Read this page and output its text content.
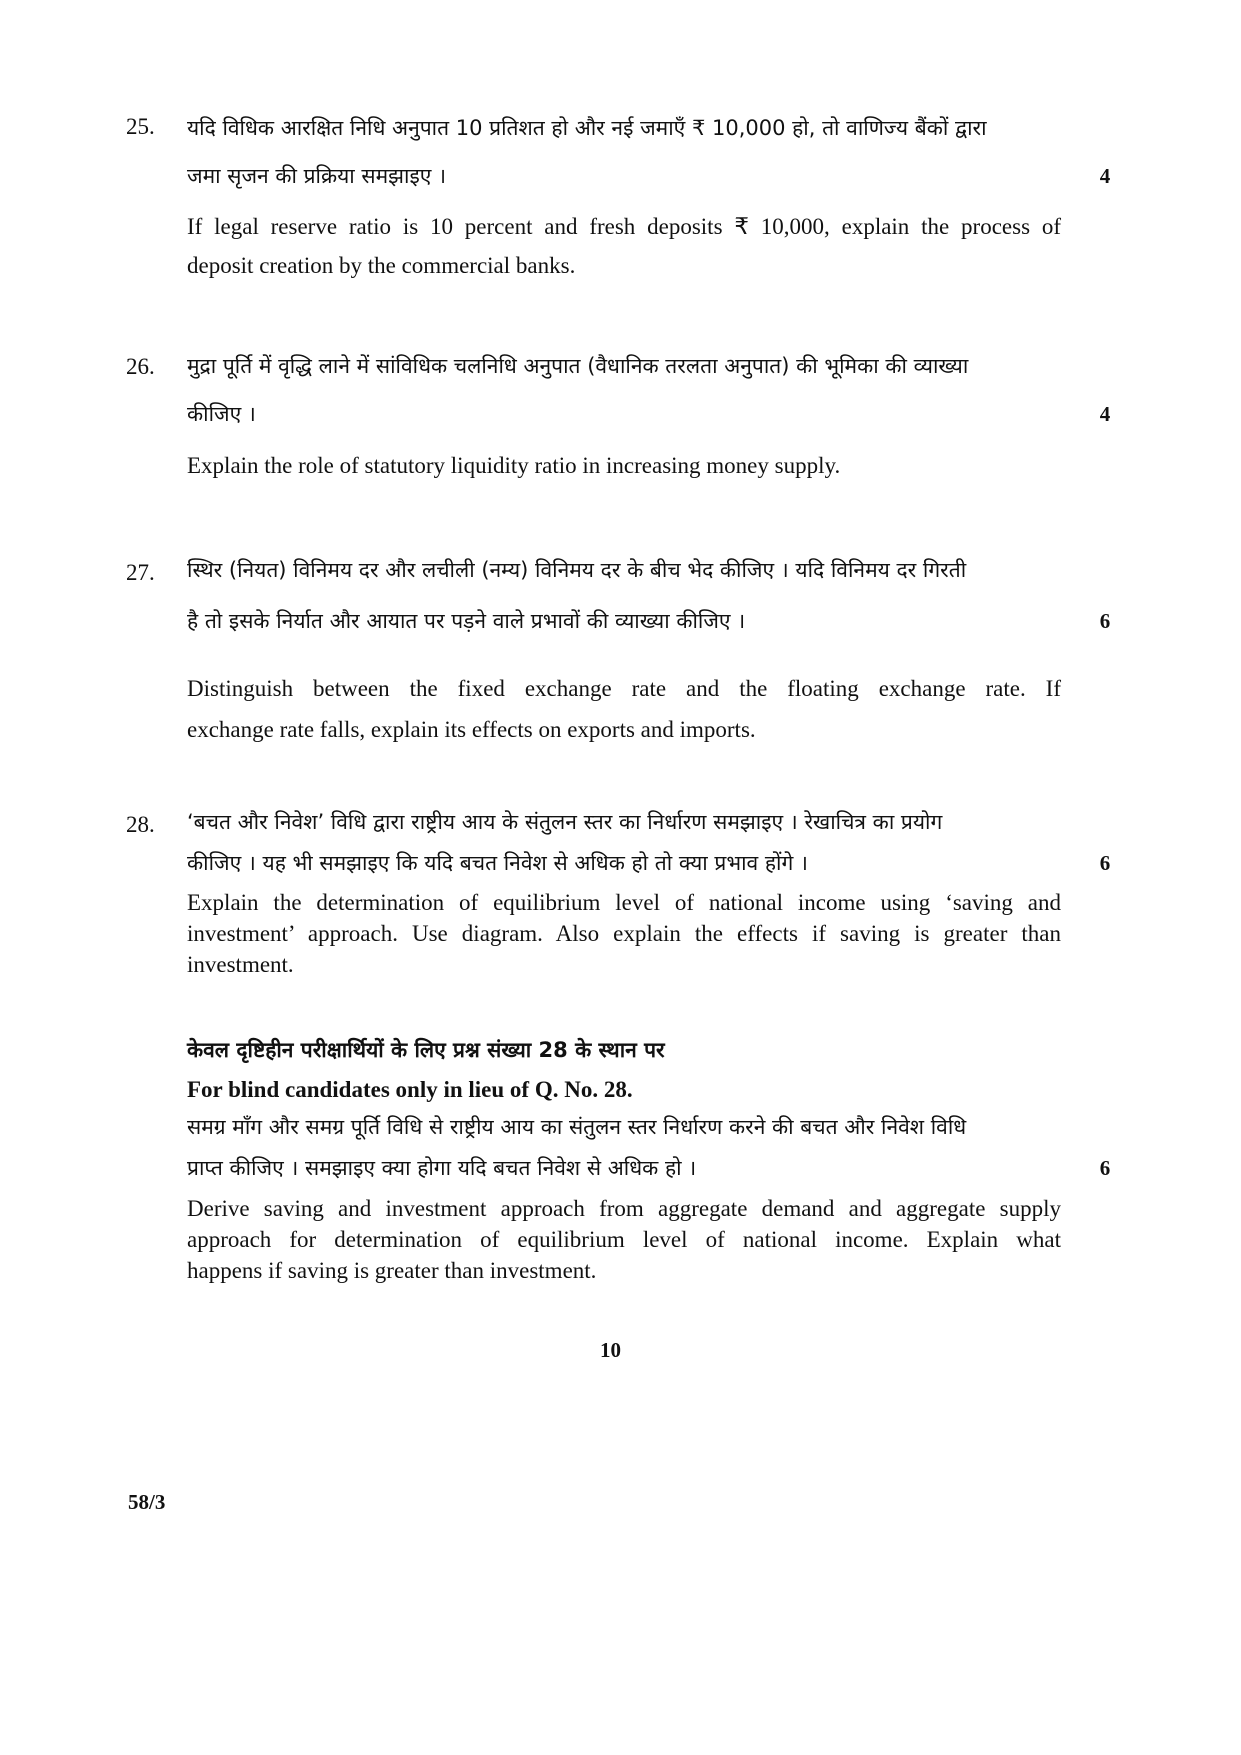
25. यदि विधिक आरक्षित निधि अनुपात 10 प्रतिशत हो और नई जमाएँ ₹ 10,000 हो, तो वाणिज्य बैंकों द्वारा
जमा सृजन की प्रक्रिया समझाइए ।	4
If legal reserve ratio is 10 percent and fresh deposits ₹ 10,000, explain the process of
deposit creation by the commercial banks.
26. मुद्रा पूर्ति में वृद्धि लाने में सांविधिक चलनिधि अनुपात (वैधानिक तरलता अनुपात) की भूमिका की व्याख्या
कीजिए ।	4
Explain the role of statutory liquidity ratio in increasing money supply.
27. स्थिर (नियत) विनिमय दर और लचीली (नम्य) विनिमय दर के बीच भेद कीजिए । यदि विनिमय दर गिरती
है तो इसके निर्यात और आयात पर पड़ने वाले प्रभावों की व्याख्या कीजिए ।	6
Distinguish between the fixed exchange rate and the floating exchange rate. If
exchange rate falls, explain its effects on exports and imports.
28. ‘बचत और निवेश’ विधि द्वारा राष्ट्रीय आय के संतुलन स्तर का निर्धारण समझाइए । रेखाचित्र का प्रयोग
कीजिए । यह भी समझाइए कि यदि बचत निवेश से अधिक हो तो क्या प्रभाव होंगे ।	6
Explain the determination of equilibrium level of national income using ‘saving and
investment’ approach. Use diagram. Also explain the effects if saving is greater than
investment.
केवल दृष्टिहीन परीक्षार्थियों के लिए प्रश्न संख्या 28 के स्थान पर
For blind candidates only in lieu of Q. No. 28.
समग्र माँग और समग्र पूर्ति विधि से राष्ट्रीय आय का संतुलन स्तर निर्धारण करने की बचत और निवेश विधि
प्राप्त कीजिए । समझाइए क्या होगा यदि बचत निवेश से अधिक हो ।	6
Derive saving and investment approach from aggregate demand and aggregate supply
approach for determination of equilibrium level of national income. Explain what
happens if saving is greater than investment.
58/3
10
